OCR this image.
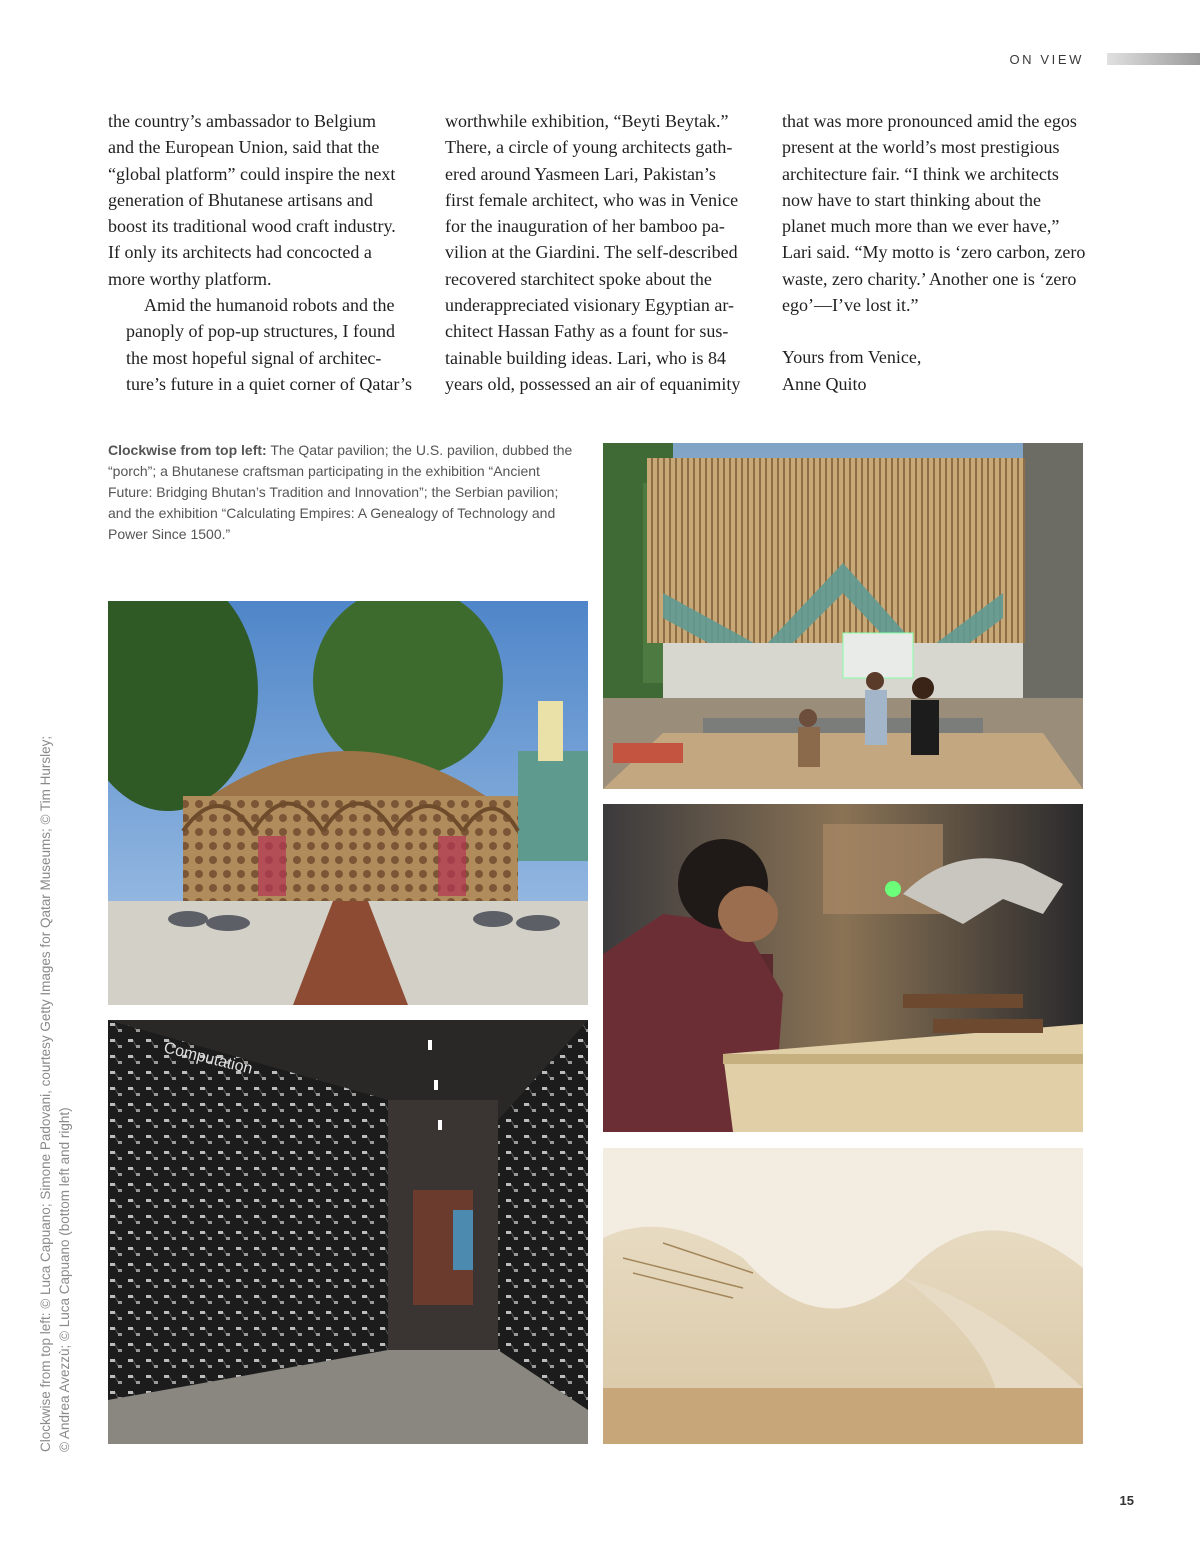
ON VIEW

the country’s ambassador to Belgium
and the European Union, said that the
“global platform” could inspire the next
generation of Bhutanese artisans and
boost its traditional wood craft industry.
If only its architects had concocted a
more worthy platform.

Amid the humanoid robots and the
panoply of pop-up structures, I found
the most hopeful signal of architec-
ture’s future in a quiet corner of Qatar’s

worthwhile exhibition, “Beyti Beytak.”
There, a circle of young architects gath-
ered around Yasmeen Lari, Pakistan’s
first female architect, who was in Venice
for the inauguration of her bamboo pa-
vilion at the Giardini. The self-described
recovered starchitect spoke about the
underappreciated visionary Egyptian ar-
chitect Hassan Fathy as a fount for sus-
tainable building ideas. Lari, who is 84
years old, possessed an air of equanimity

that was more pronounced amid the egos
present at the world’s most prestigious
architecture fair. “I think we architects
now have to start thinking about the
planet much more than we ever have,”
Lari said. “My motto is ‘zero carbon, zero
waste, zero charity.’ Another one is ‘zero
ego’—I’ve lost it.”

Yours from Venice,
Anne Quito

Clockwise from top left: The Qatar pavilion; the U.S. pavilion, dubbed the “porch”; a Bhutanese craftsman participating in the exhibition “Ancient Future: Bridging Bhutan’s Tradition and Innovation”; the Serbian pavilion; and the exhibition “Calculating Empires: A Genealogy of Technology and Power Since 1500.”
Clockwise from top left: © Luca Capuano; Simone Padovani, courtesy Getty Images for Qatar Museums; © Tim Hursley; © Andrea Avezzù; © Luca Capuano (bottom left and right)
Computation
15
